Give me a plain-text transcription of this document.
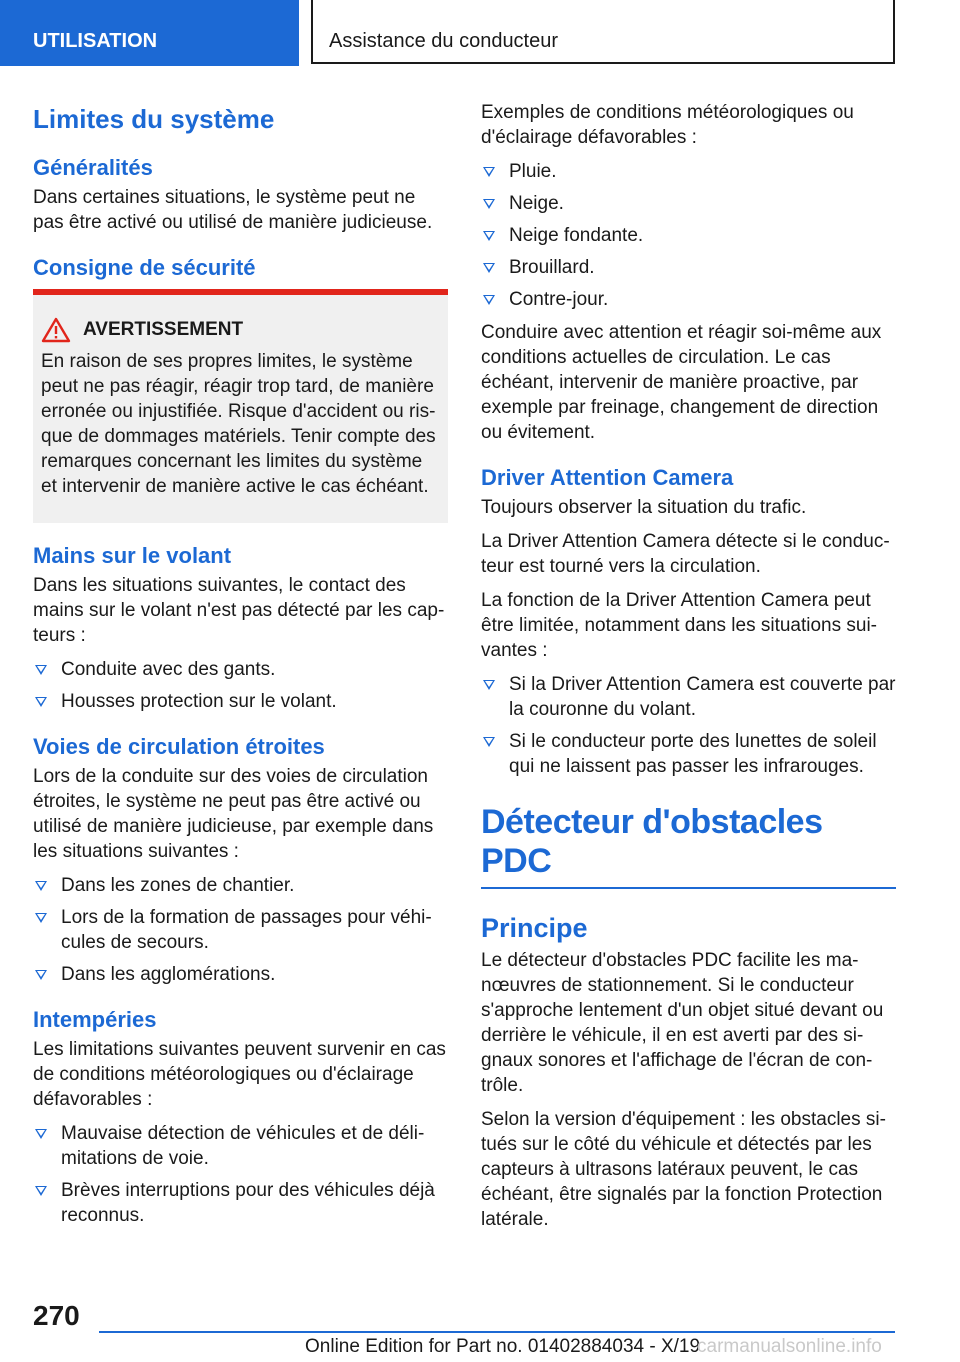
UTILISATION	Assistance du conducteur
Limites du système
Généralités

Dans certaines situations, le système peut ne pas être activé ou utilisé de manière judicieuse.

Consigne de sécurité
AVERTISSEMENT

En raison de ses propres limites, le système peut ne pas réagir, réagir trop tard, de manière erronée ou injustifiée. Risque d'accident ou ris-que de dommages matériels. Tenir compte des remarques concernant les limites du système et intervenir de manière active le cas échéant.

Mains sur le volant

Dans les situations suivantes, le contact des mains sur le volant n'est pas détecté par les cap-teurs :

Conduite avec des gants.
Housses protection sur le volant.
Voies de circulation étroites

Lors de la conduite sur des voies de circulation étroites, le système ne peut pas être activé ou utilisé de manière judicieuse, par exemple dans les situations suivantes :

Dans les zones de chantier.
Lors de la formation de passages pour véhi-cules de secours.
Dans les agglomérations.
Intempéries

Les limitations suivantes peuvent survenir en cas de conditions météorologiques ou d'éclairage défavorables :

Mauvaise détection de véhicules et de déli-mitations de voie.
Brèves interruptions pour des véhicules déjà reconnus.

Exemples de conditions météorologiques ou d'éclairage défavorables :

Pluie.
Neige.
Neige fondante.
Brouillard.
Contre-jour.

Conduire avec attention et réagir soi-même aux conditions actuelles de circulation. Le cas échéant, intervenir de manière proactive, par exemple par freinage, changement de direction ou évitement.

Driver Attention Camera

Toujours observer la situation du trafic.

La Driver Attention Camera détecte si le conduc-teur est tourné vers la circulation.

La fonction de la Driver Attention Camera peut être limitée, notamment dans les situations sui-vantes :

Si la Driver Attention Camera est couverte par la couronne du volant.
Si le conducteur porte des lunettes de soleil qui ne laissent pas passer les infrarouges.
Détecteur d'obstacles PDC
Principe

Le détecteur d'obstacles PDC facilite les ma-nœuvres de stationnement. Si le conducteur s'approche lentement d'un objet situé devant ou derrière le véhicule, il en est averti par des si-gnaux sonores et l'affichage de l'écran de con-trôle.

Selon la version d'équipement : les obstacles si-tués sur le côté du véhicule et détectés par les capteurs à ultrasons latéraux peuvent, le cas échéant, être signalés par la fonction Protection latérale.

270
Online Edition for Part no. 01402884034 - X/19
carmanualsonline.info
